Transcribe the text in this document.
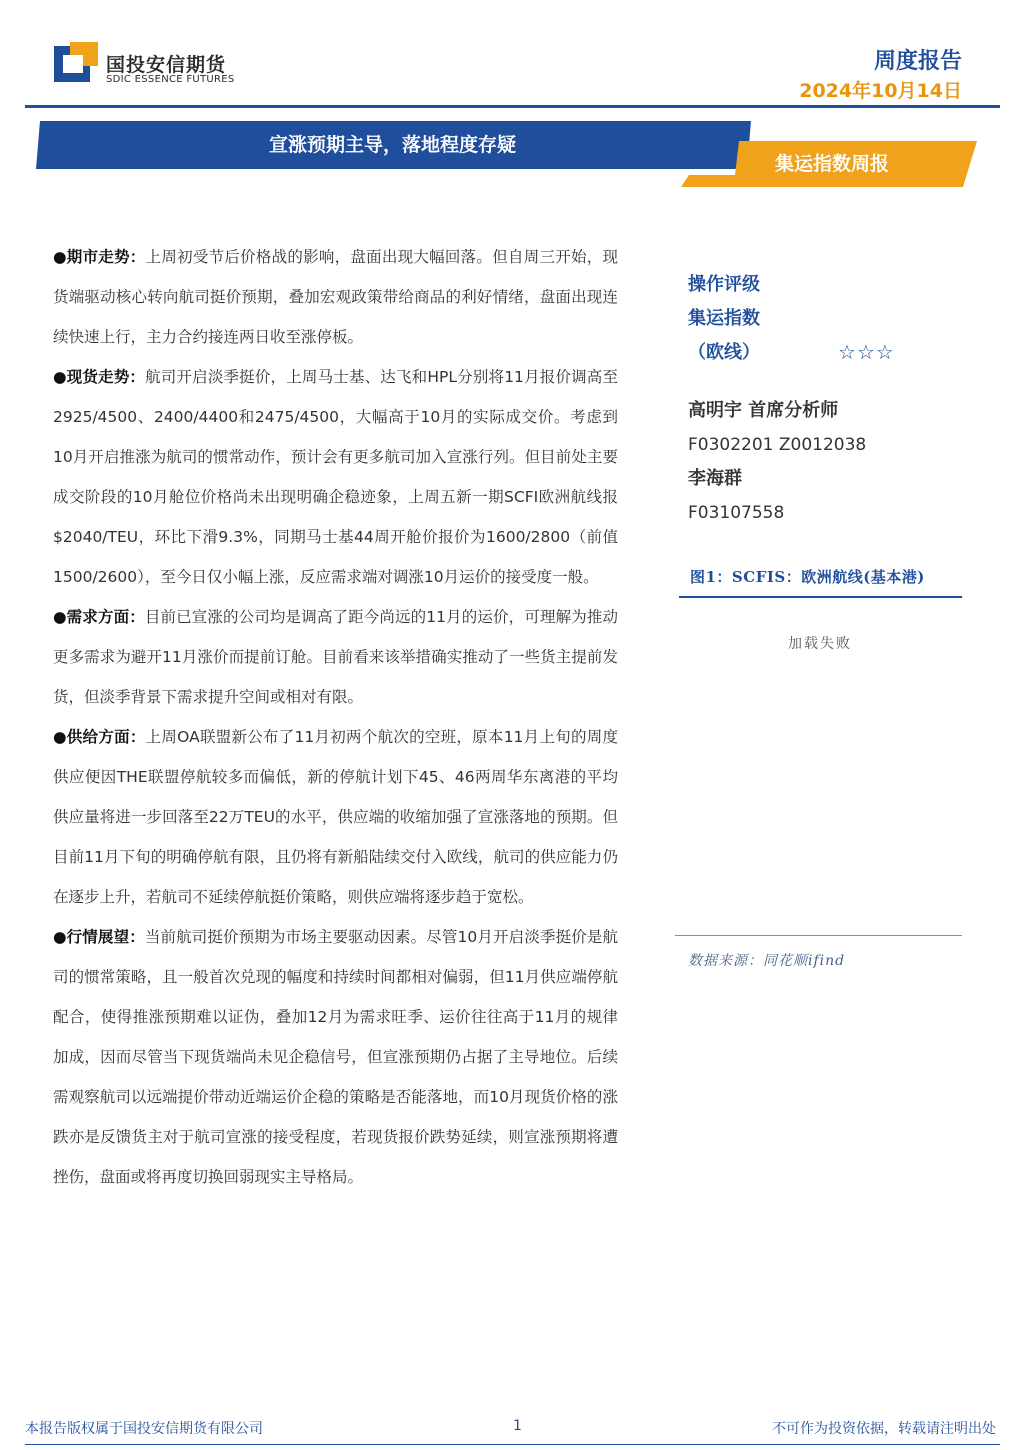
国投安信期货
SDIC ESSENCE FUTURES
周度报告
2024年10月14日
宣涨预期主导，落地程度存疑
集运指数周报

●期市走势：上周初受节后价格战的影响，盘面出现大幅回落。但自周三开始，现货端驱动核心转向航司挺价预期，叠加宏观政策带给商品的利好情绪，盘面出现连续快速上行，主力合约接连两日收至涨停板。

●现货走势：航司开启淡季挺价，上周马士基、达飞和HPL分别将11月报价调高至2925/4500、2400/4400和2475/4500，大幅高于10月的实际成交价。考虑到10月开启推涨为航司的惯常动作，预计会有更多航司加入宣涨行列。但目前处主要成交阶段的10月舱位价格尚未出现明确企稳迹象，上周五新一期SCFI欧洲航线报$2040/TEU，环比下滑9.3%，同期马士基44周开舱价报价为1600/2800（前值1500/2600），至今日仅小幅上涨，反应需求端对调涨10月运价的接受度一般。

●需求方面：目前已宣涨的公司均是调高了距今尚远的11月的运价，可理解为推动更多需求为避开11月涨价而提前订舱。目前看来该举措确实推动了一些货主提前发货，但淡季背景下需求提升空间或相对有限。

●供给方面：上周OA联盟新公布了11月初两个航次的空班，原本11月上旬的周度供应便因THE联盟停航较多而偏低，新的停航计划下45、46两周华东离港的平均供应量将进一步回落至22万TEU的水平，供应端的收缩加强了宣涨落地的预期。但目前11月下旬的明确停航有限，且仍将有新船陆续交付入欧线，航司的供应能力仍在逐步上升，若航司不延续停航挺价策略，则供应端将逐步趋于宽松。

●行情展望：当前航司挺价预期为市场主要驱动因素。尽管10月开启淡季挺价是航司的惯常策略，且一般首次兑现的幅度和持续时间都相对偏弱，但11月供应端停航配合，使得推涨预期难以证伪，叠加12月为需求旺季、运价往往高于11月的规律加成，因而尽管当下现货端尚未见企稳信号，但宣涨预期仍占据了主导地位。后续需观察航司以远端提价带动近端运价企稳的策略是否能落地，而10月现货价格的涨跌亦是反馈货主对于航司宣涨的接受程度，若现货报价跌势延续，则宣涨预期将遭挫伤，盘面或将再度切换回弱现实主导格局。

操作评级
集运指数
（欧线）
高明宇 首席分析师
F0302201 Z0012038
李海群
F03107558
☆☆☆
图1：SCFIS：欧洲航线(基本港)
加载失败
数据来源：同花顺ifind
本报告版权属于国投安信期货有限公司	1	不可作为投资依据，转载请注明出处
